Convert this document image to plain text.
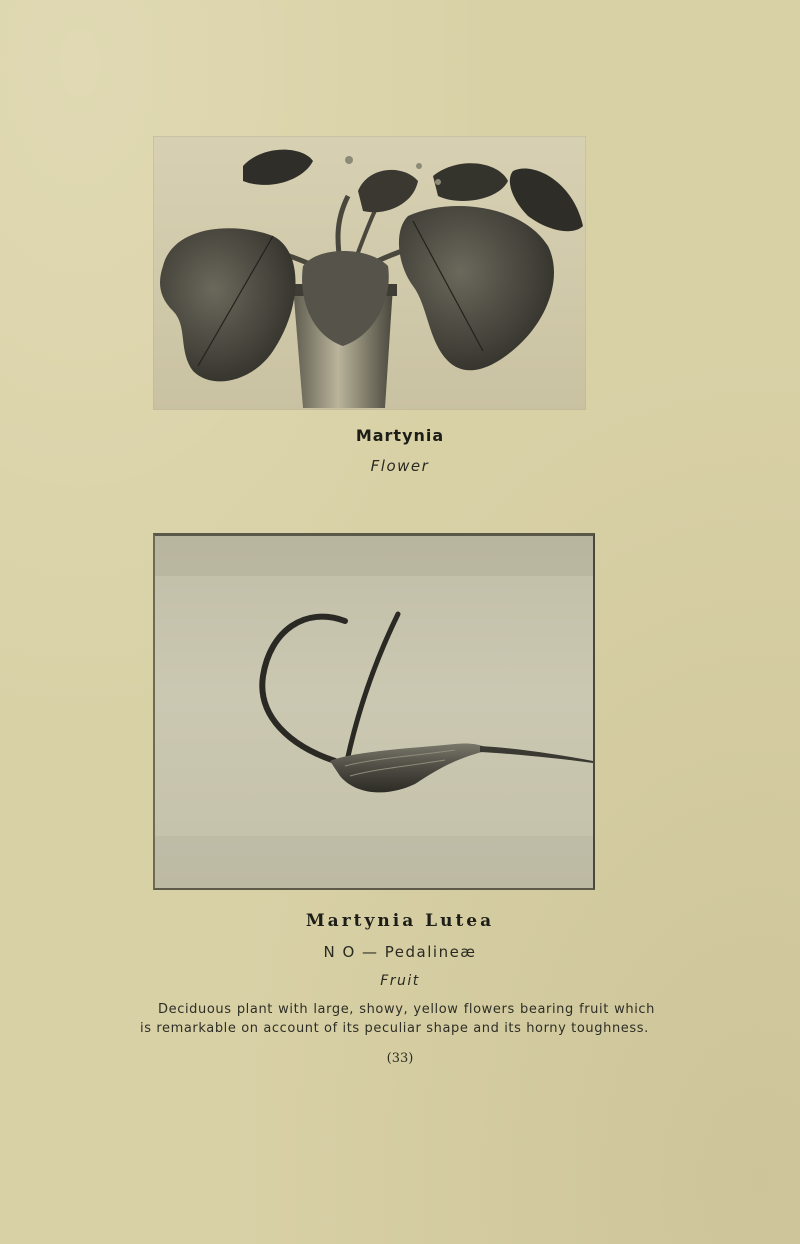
Martynia

Flower

Martynia Lutea

N O — Pedalineæ

Fruit

Deciduous plant with large, showy, yellow flowers bearing fruit which is remarkable on account of its peculiar shape and its horny toughness.

(33)
